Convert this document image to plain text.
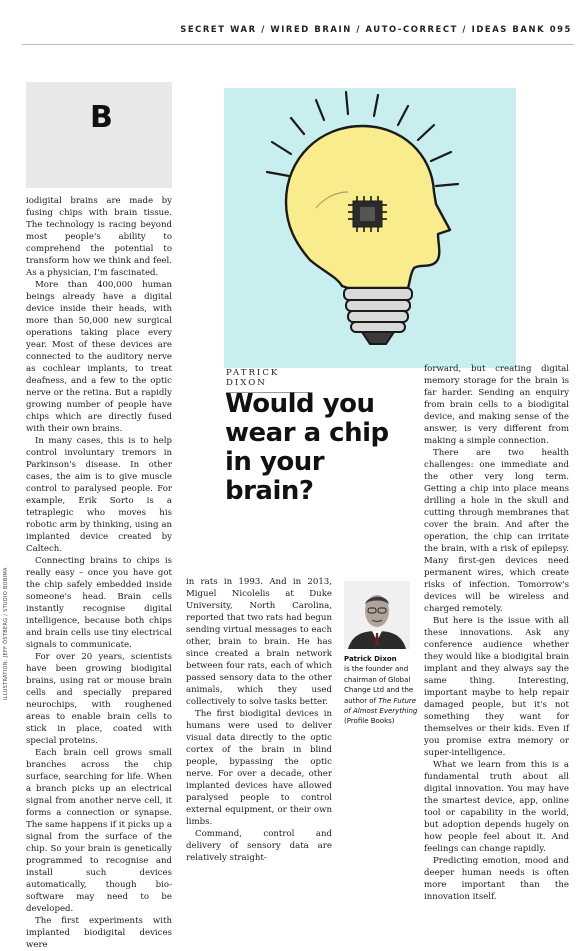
SECRET WAR / WIRED BRAIN / AUTO-CORRECT / IDEAS BANK 095
B

iodigital brains are made by fusing chips with brain tissue. The technology is racing beyond most people's ability to comprehend the potential to transform how we think and feel. As a physician, I'm fascinated.

More than 400,000 human beings already have a digital device inside their heads, with more than 50,000 new surgical operations taking place every year. Most of these devices are connected to the auditory nerve as cochlear implants, to treat deafness, and a few to the optic nerve or the retina. But a rapidly growing number of people have chips which are directly fused with their own brains.

In many cases, this is to help control involuntary tremors in Parkinson's disease. In other cases, the aim is to give muscle control to paralysed people. For example, Erik Sorto is a tetraplegic who moves his robotic arm by thinking, using an implanted device created by Caltech.

Connecting brains to chips is really easy – once you have got the chip safely embedded inside someone's head. Brain cells instantly recognise digital intelligence, because both chips and brain cells use tiny electrical signals to communicate.

For over 20 years, scientists have been growing biodigital brains, using rat or mouse brain cells and specially prepared neurochips, with roughened areas to enable brain cells to stick in place, coated with special proteins.

Each brain cell grows small branches across the chip surface, searching for life. When a branch picks up an electrical signal from another nerve cell, it forms a connection or synapse. The same happens if it picks up a signal from the surface of the chip. So your brain is genetically programmed to recognise and install such devices automatically, though bio-software may need to be developed.

The first experiments with implanted biodigital devices were

ILLUSTRATION: JEFF ÖSTBERG / STUDIO BOBIMA
PATRICK DIXON
Would you wear a chip in your brain?

in rats in 1993. And in 2013, Miguel Nicolelis at Duke University, North Carolina, reported that two rats had begun sending virtual messages to each other, brain to brain. He has since created a brain network between four rats, each of which passed sensory data to the other animals, which they used collectively to solve tasks better.

The first biodigital devices in humans were used to deliver visual data directly to the optic cortex of the brain in blind people, bypassing the optic nerve. For over a decade, other implanted devices have allowed paralysed people to control external equipment, or their own limbs.

Command, control and delivery of sensory data are relatively straight-

Patrick Dixon
is the founder and chairman of Global Change Ltd and the author of The Future of Almost Everything (Profile Books)

forward, but creating digital memory storage for the brain is far harder. Sending an enquiry from brain cells to a biodigital device, and making sense of the answer, is very different from making a simple connection.

There are two health challenges: one immediate and the other very long term. Getting a chip into place means drilling a hole in the skull and cutting through membranes that cover the brain. And after the operation, the chip can irritate the brain, with a risk of epilepsy. Many first-gen devices need permanent wires, which create risks of infection. Tomorrow's devices will be wireless and charged remotely.

But here is the issue with all these innovations. Ask any conference audience whether they would like a biodigital brain implant and they always say the same thing. Interesting, important maybe to help repair damaged people, but it's not something they want for themselves or their kids. Even if you promise extra memory or super-intelligence.

What we learn from this is a fundamental truth about all digital innovation. You may have the smartest device, app, online tool or capability in the world, but adoption depends hugely on how people feel about it. And feelings can change rapidly.

Predicting emotion, mood and deeper human needs is often more important than the innovation itself.
